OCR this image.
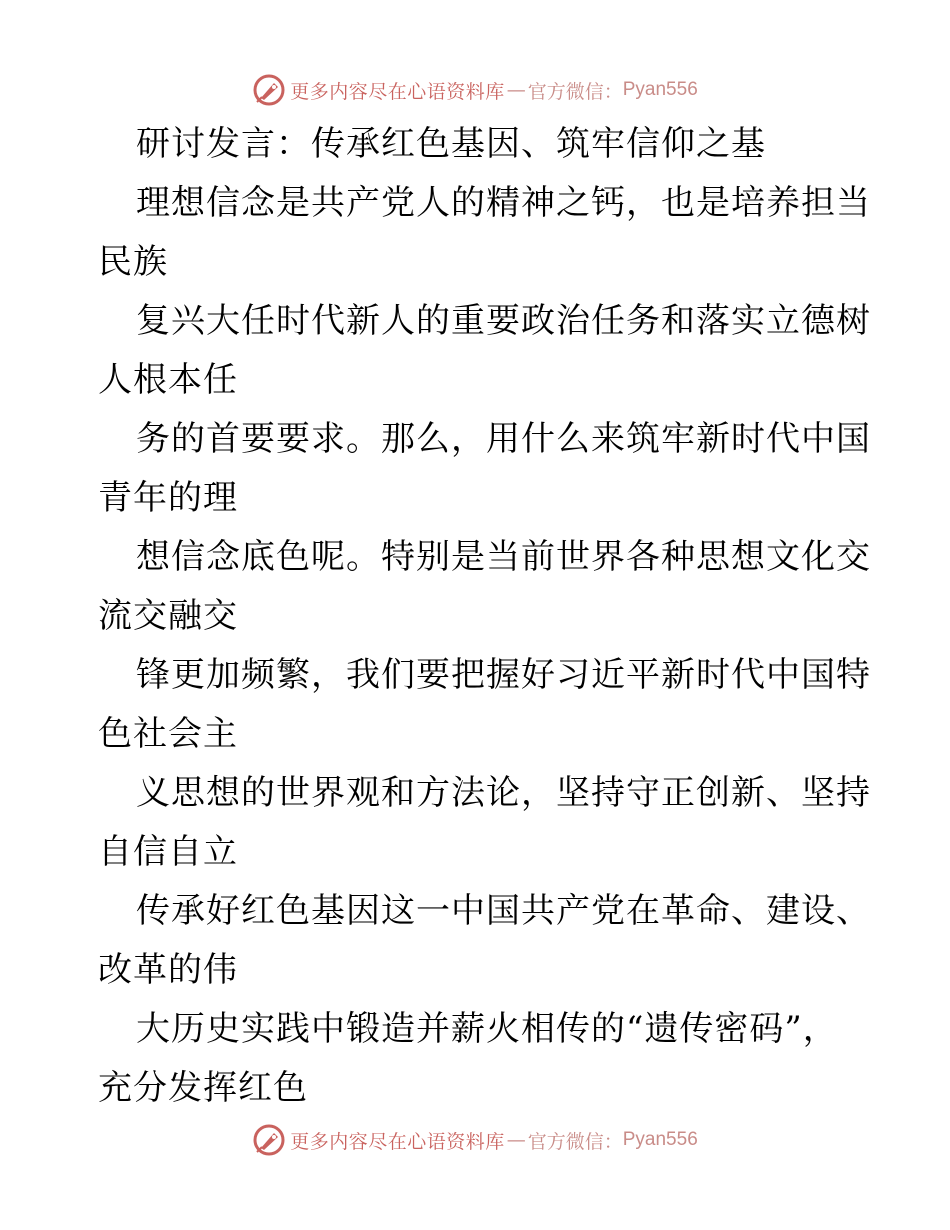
更多内容尽在心语资料库 — 官方微信： Pyan556
研讨发言：传承红色基因、筑牢信仰之基
理想信念是共产党人的精神之钙，也是培养担当
民族
复兴大任时代新人的重要政治任务和落实立德树
人根本任
务的首要要求。那么，用什么来筑牢新时代中国
青年的理
想信念底色呢。特别是当前世界各种思想文化交
流交融交
锋更加频繁，我们要把握好习近平新时代中国特
色社会主
义思想的世界观和方法论，坚持守正创新、坚持
自信自立
传承好红色基因这一中国共产党在革命、建设、
改革的伟
大历史实践中锻造并薪火相传的“遗传密码”，
充分发挥红色
更多内容尽在心语资料库 — 官方微信： Pyan556
